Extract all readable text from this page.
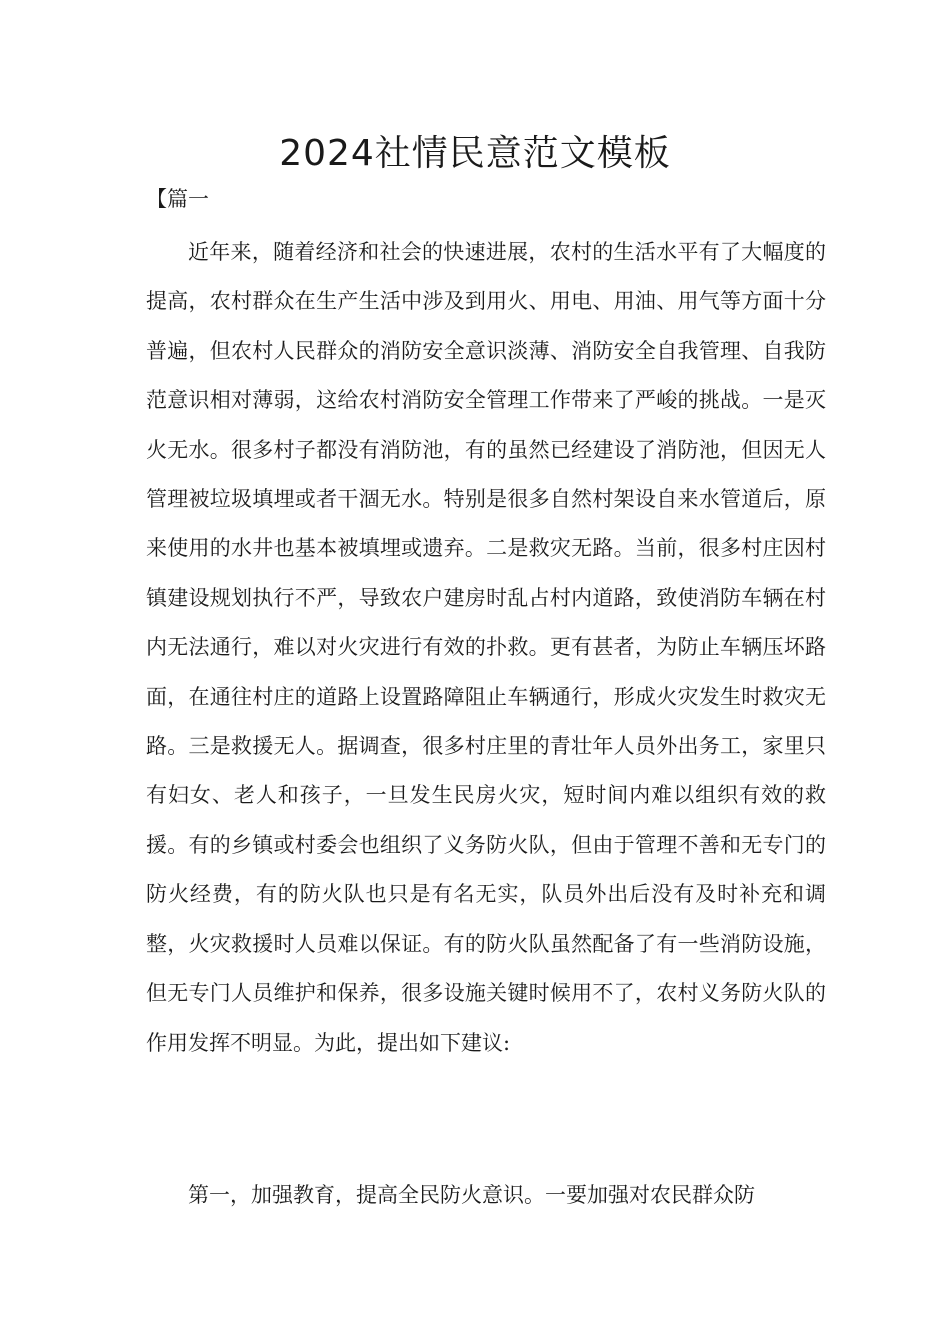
2024社情民意范文模板

【篇一

近年来，随着经济和社会的快速进展，农村的生活水平有了大幅度的提高，农村群众在生产生活中涉及到用火、用电、用油、用气等方面十分普遍，但农村人民群众的消防安全意识淡薄、消防安全自我管理、自我防范意识相对薄弱，这给农村消防安全管理工作带来了严峻的挑战。一是灭火无水。很多村子都没有消防池，有的虽然已经建设了消防池，但因无人管理被垃圾填埋或者干涸无水。特别是很多自然村架设自来水管道后，原来使用的水井也基本被填埋或遗弃。二是救灾无路。当前，很多村庄因村镇建设规划执行不严，导致农户建房时乱占村内道路，致使消防车辆在村内无法通行，难以对火灾进行有效的扑救。更有甚者，为防止车辆压坏路面，在通往村庄的道路上设置路障阻止车辆通行，形成火灾发生时救灾无路。三是救援无人。据调查，很多村庄里的青壮年人员外出务工，家里只有妇女、老人和孩子，一旦发生民房火灾，短时间内难以组织有效的救援。有的乡镇或村委会也组织了义务防火队，但由于管理不善和无专门的防火经费，有的防火队也只是有名无实，队员外出后没有及时补充和调整，火灾救援时人员难以保证。有的防火队虽然配备了有一些消防设施，但无专门人员维护和保养，很多设施关键时候用不了，农村义务防火队的作用发挥不明显。为此，提出如下建议:

第一，加强教育，提高全民防火意识。一要加强对农民群众防
